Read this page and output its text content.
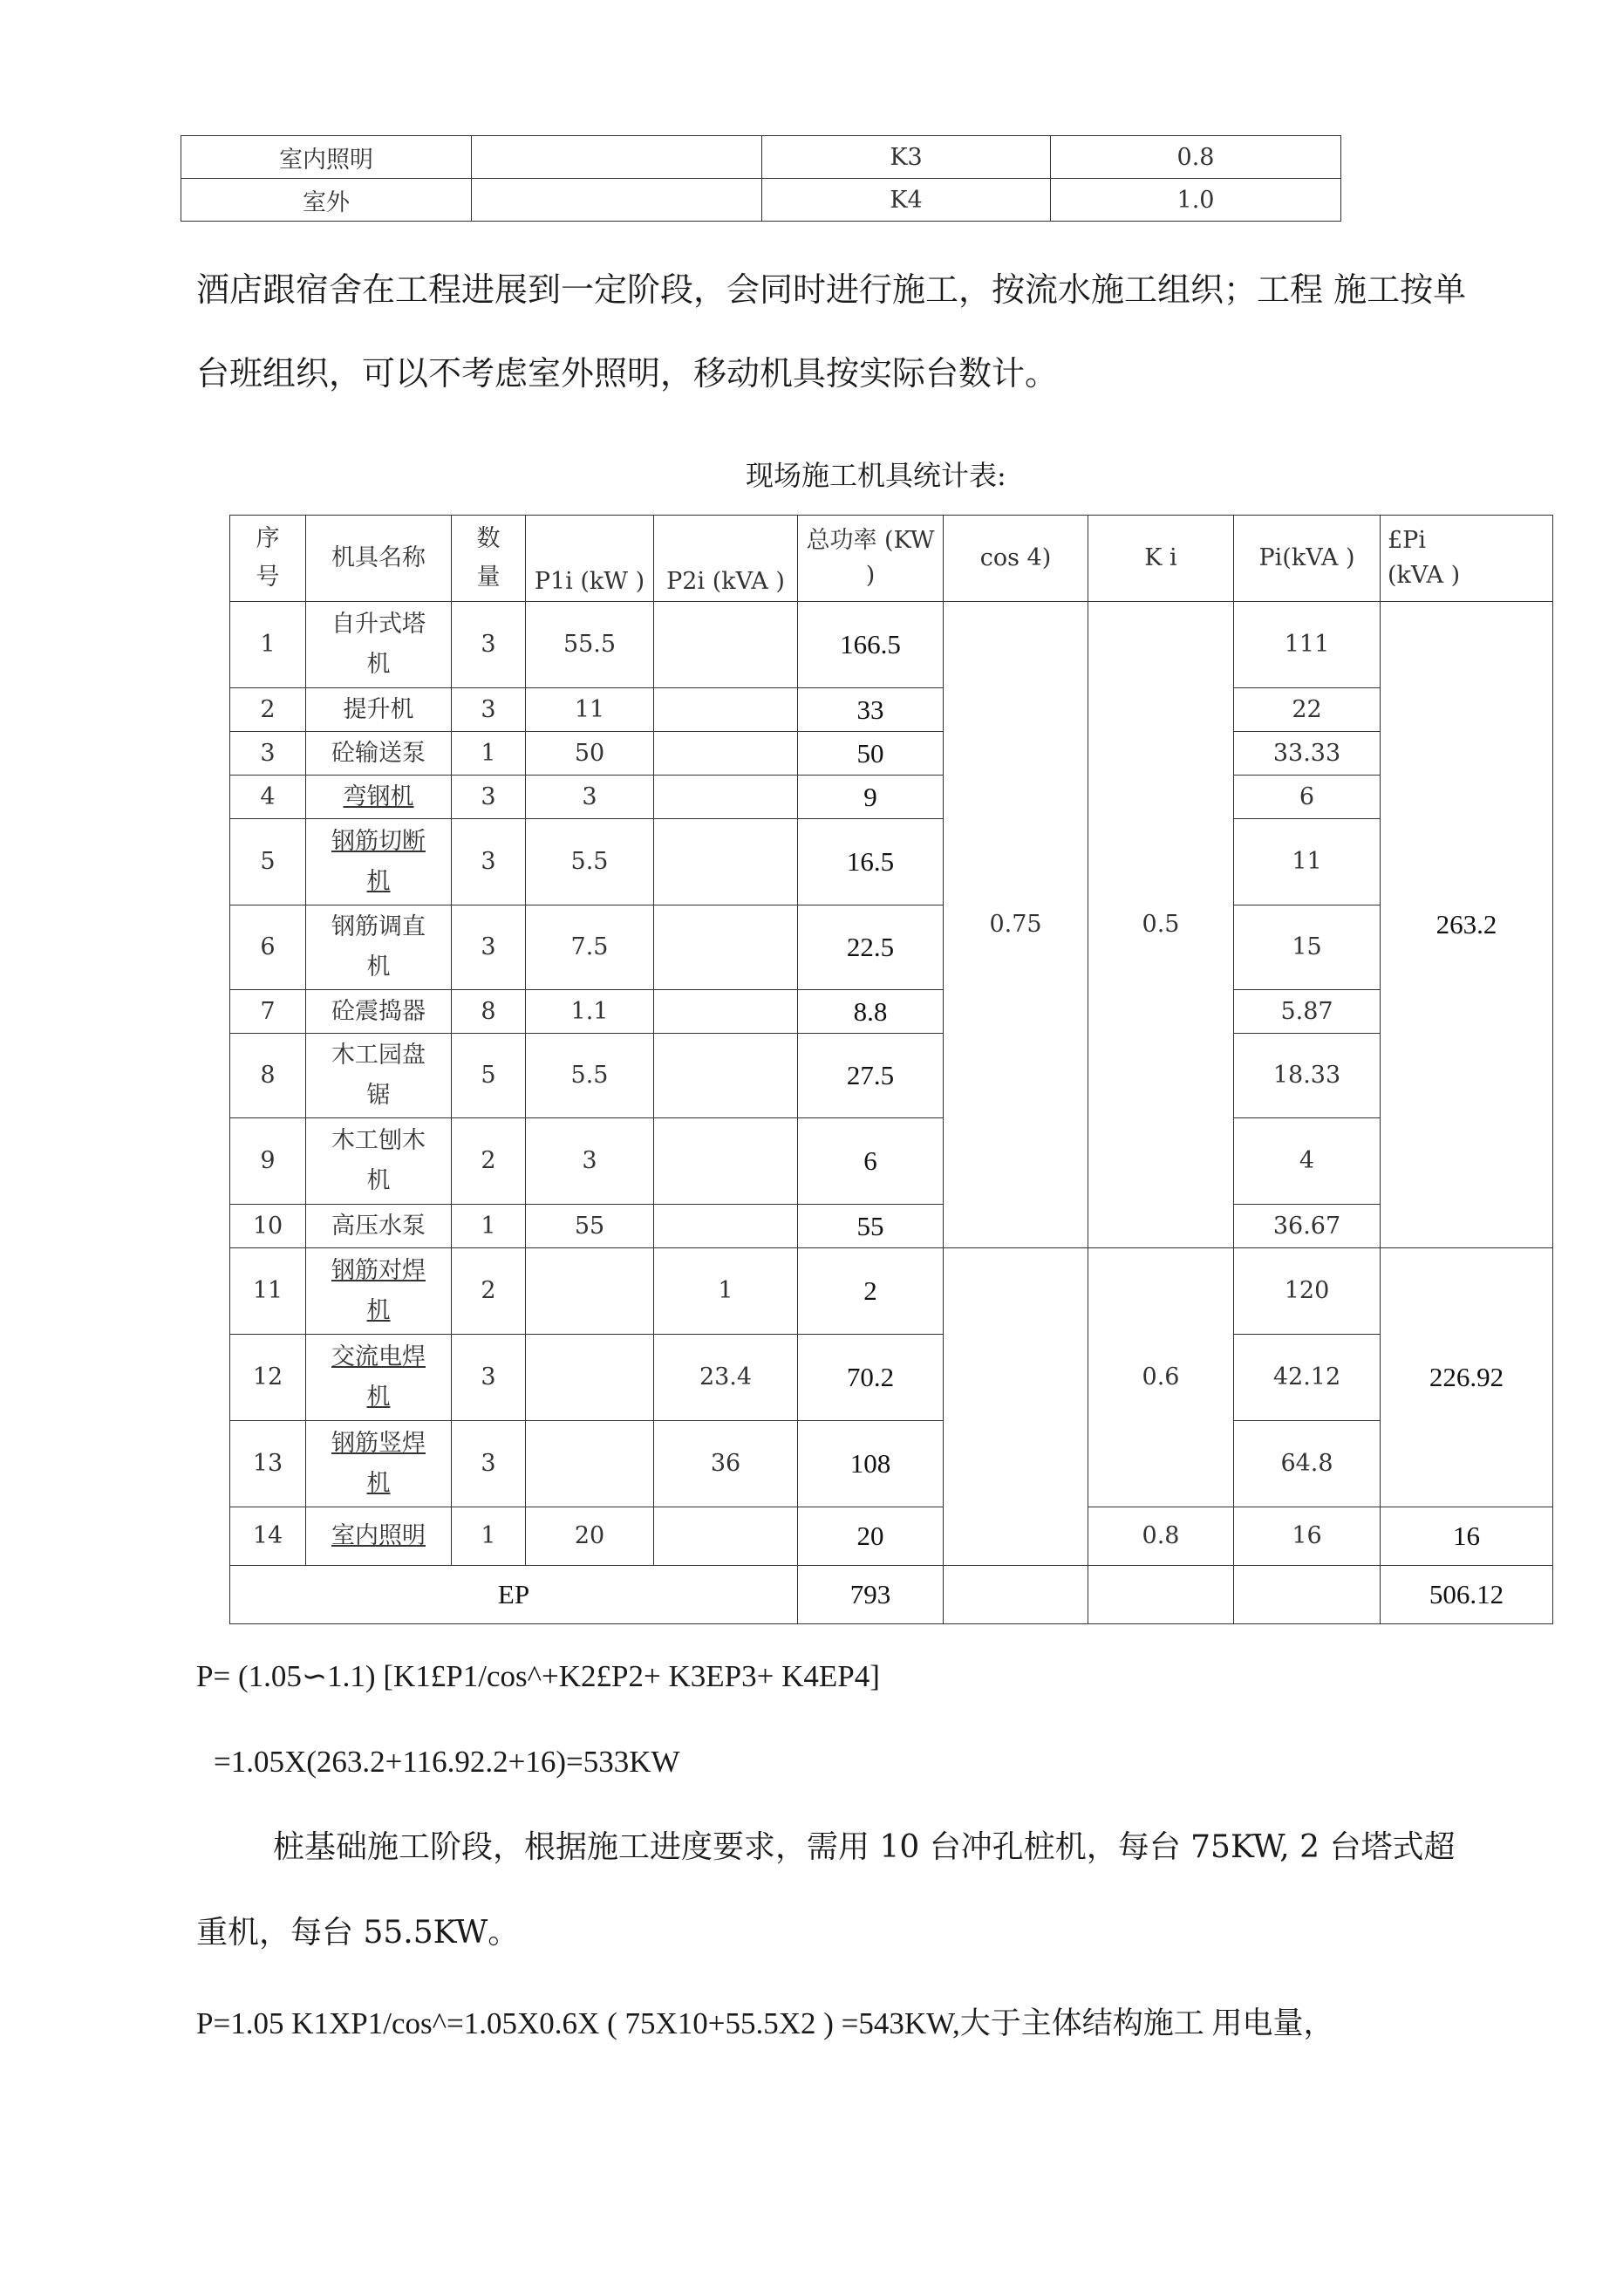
室内照明		K3	0.8
室外		K4	1.0
酒店跟宿舍在工程进展到一定阶段，会同时进行施工，按流水施工组织；工程 施工按单
台班组织，可以不考虑室外照明，移动机具按实际台数计。
现场施工机具统计表:
序
号	机具名称	数
量	P1i (kW )	P2i (kVA )	总功率 (KW
)	cos 4)	K i	Pi(kVA )	£Pi
(kVA )
1	自升式塔
机	3	55.5		166.5	0.75	0.5	111	263.2
2	提升机	3	11		33			22	
3	砼输送泵	1	50		50			33.33	
4	弯钢机	3	3		9			6	
5	钢筋切断
机	3	5.5		16.5			11	
6	钢筋调直
机	3	7.5		22.5			15	
7	砼震捣器	8	1.1		8.8			5.87	
8	木工园盘
锯	5	5.5		27.5			18.33	
9	木工刨木
机	2	3		6			4	
10	高压水泵	1	55		55			36.67	
11	钢筋对焊
机	2		1	2		0.6	120	226.92
12	交流电焊
机	3		23.4	70.2			42.12	
13	钢筋竖焊
机	3		36	108			64.8	
14	室内照明	1	20		20		0.8	16	16
EP					793				506.12
P= (1.05∽1.1) [K1£P1/cos^+K2£P2+ K3EP3+ K4EP4]
=1.05X(263.2+116.92.2+16)=533KW
桩基础施工阶段，根据施工进度要求，需用 10 台冲孔桩机，每台 75KW, 2 台塔式超
重机，每台 55.5KW。
P=1.05 K1XP1/cos^=1.05X0.6X ( 75X10+55.5X2 ) =543KW,大于主体结构施工 用电量，
